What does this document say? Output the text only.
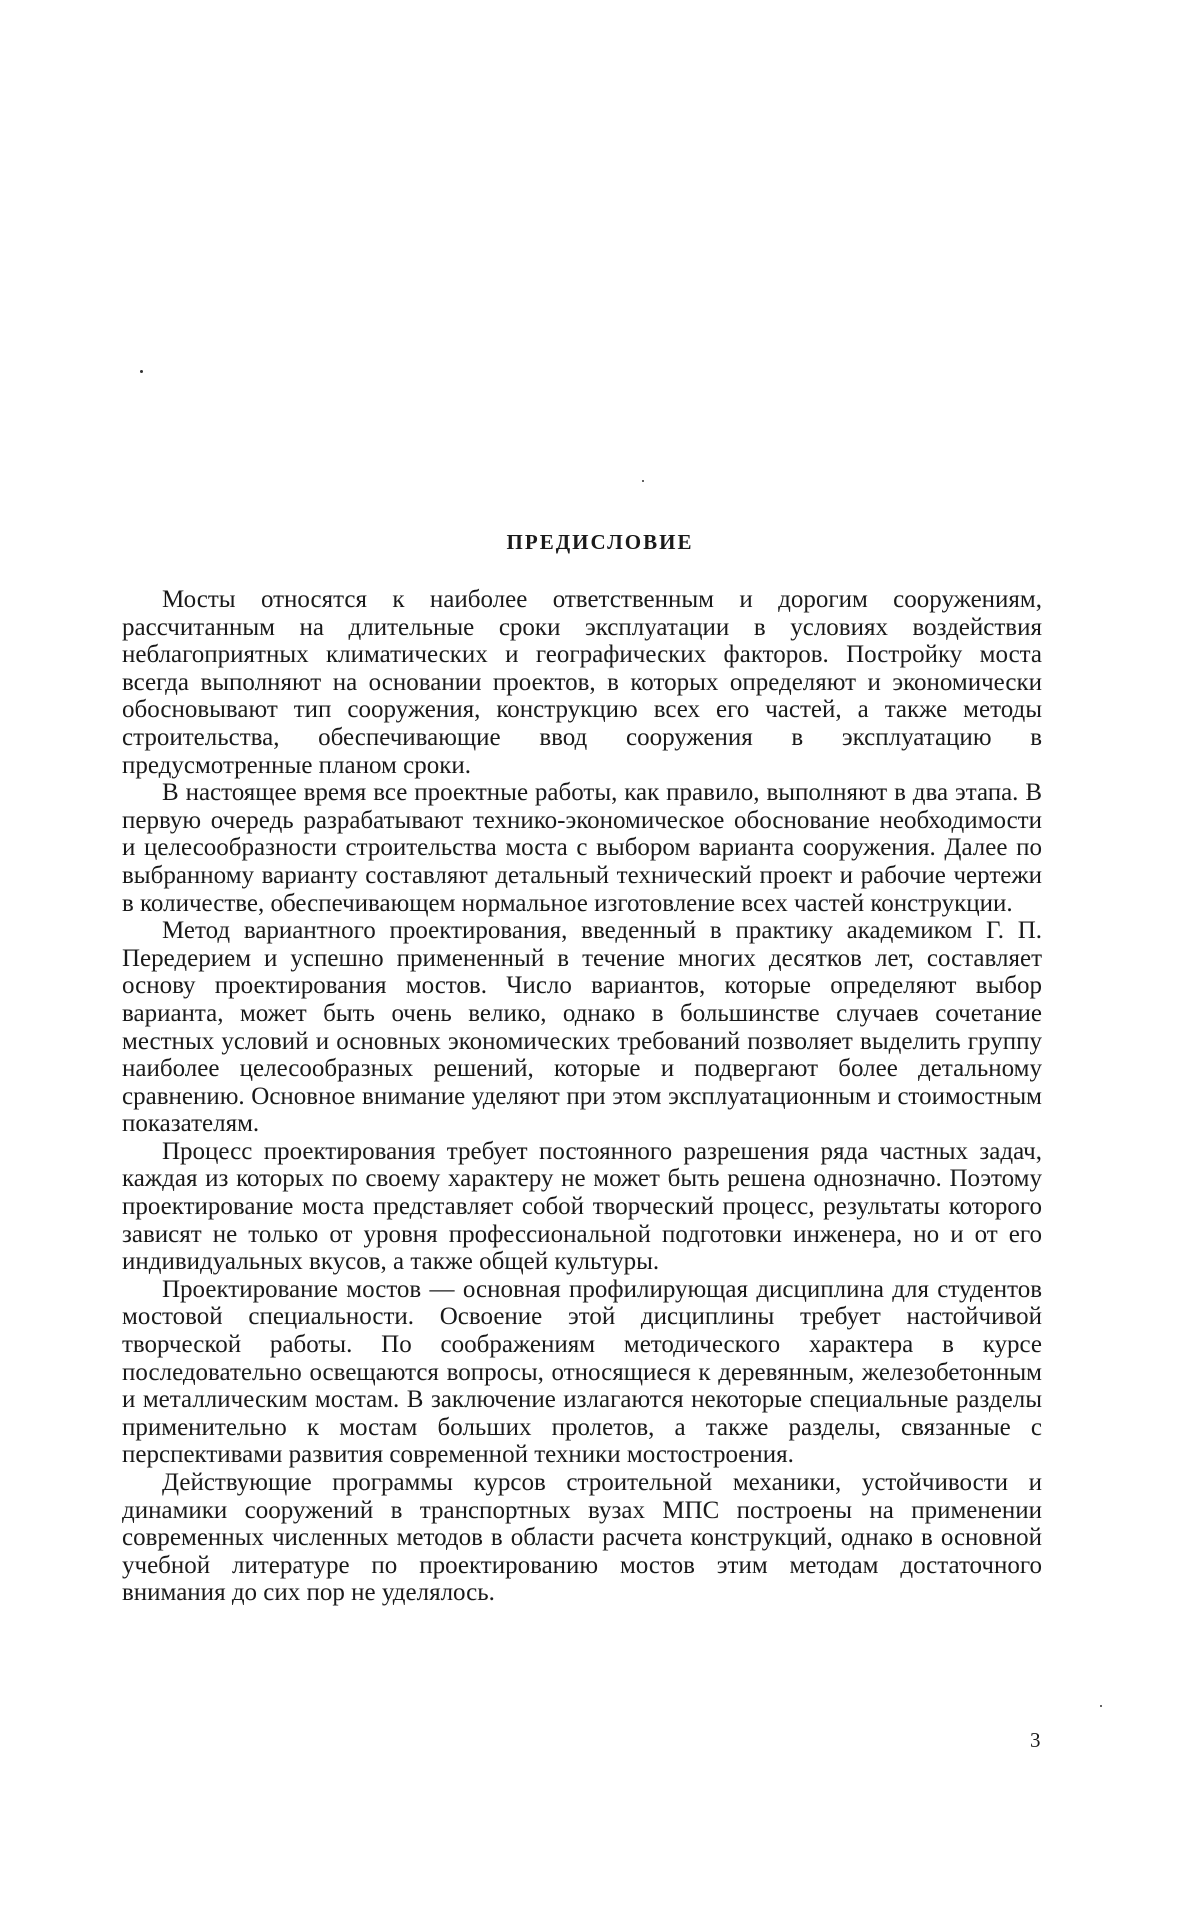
ПРЕДИСЛОВИЕ

Мосты относятся к наиболее ответственным и дорогим сооружениям, рассчитанным на длительные сроки эксплуатации в условиях воздействия неблагоприятных климатических и географических факторов. Постройку моста всегда выполняют на основании проектов, в которых определяют и экономически обосновывают тип сооружения, конструкцию всех его частей, а также методы строительства, обеспечивающие ввод сооружения в эксплуатацию в предусмотренные планом сроки.

В настоящее время все проектные работы, как правило, выполняют в два этапа. В первую очередь разрабатывают технико-экономическое обоснование необходимости и целесообразности строительства моста с выбором варианта сооружения. Далее по выбранному варианту составляют детальный технический проект и рабочие чертежи в количестве, обеспечивающем нормальное изготовление всех частей конструкции.

Метод вариантного проектирования, введенный в практику академиком Г. П. Передерием и успешно примененный в течение многих десятков лет, составляет основу проектирования мостов. Число вариантов, которые определяют выбор варианта, может быть очень велико, однако в большинстве случаев сочетание местных условий и основных экономических требований позволяет выделить группу наиболее целесообразных решений, которые и подвергают более детальному сравнению. Основное внимание уделяют при этом эксплуатационным и стоимостным показателям.

Процесс проектирования требует постоянного разрешения ряда частных задач, каждая из которых по своему характеру не может быть решена однозначно. Поэтому проектирование моста представляет собой творческий процесс, результаты которого зависят не только от уровня профессиональной подготовки инженера, но и от его индивидуальных вкусов, а также общей культуры.

Проектирование мостов — основная профилирующая дисциплина для студентов мостовой специальности. Освоение этой дисциплины требует настойчивой творческой работы. По соображениям методического характера в курсе последовательно освещаются вопросы, относящиеся к деревянным, железобетонным и металлическим мостам. В заключение излагаются некоторые специальные разделы применительно к мостам больших пролетов, а также разделы, связанные с перспективами развития современной техники мостостроения.

Действующие программы курсов строительной механики, устойчивости и динамики сооружений в транспортных вузах МПС построены на применении современных численных методов в области расчета конструкций, однако в основной учебной литературе по проектированию мостов этим методам достаточного внимания до сих пор не уделялось.

3
